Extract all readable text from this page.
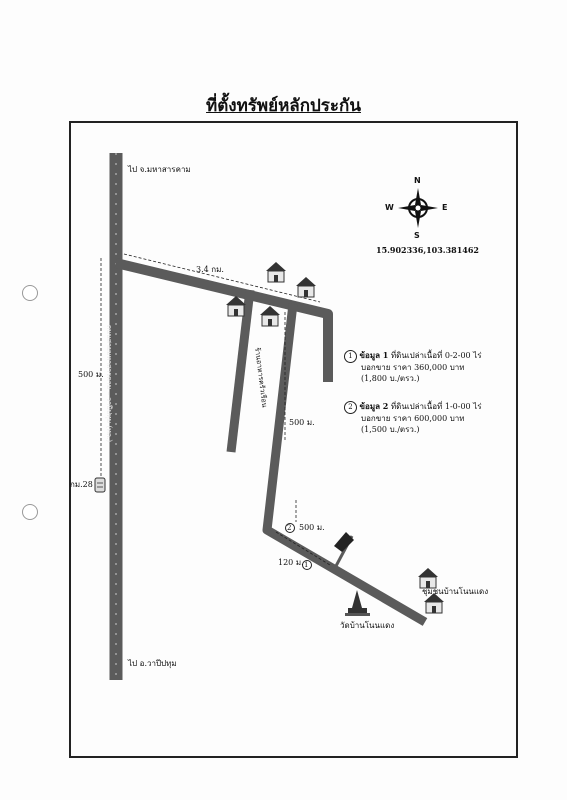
ที่ตั้งทรัพย์หลักประกัน
N
S
W	E
15.902336,103.381462
ไป จ.มหาสารคาม
ไป อ.วาปีปทุม
กม.28
500 ม.
3.4 กม.
500 ม.
500 ม.
120 ม.
วัดบ้านโนนแดง
ชุมชนบ้านโนนแดง
ร้านอาหารครัวเรือน
ถนนสายมหาสารคาม – วาปีปทุม (ทล.)	1 ข้อมูล 1 ที่ดินเปล่าเนื้อที่ 0-2-00 ไร่
บอกขาย ราคา 360,000 บาท
(1,800 บ./ตรว.)
2 ข้อมูล 2 ที่ดินเปล่าเนื้อที่ 1-0-00 ไร่
บอกขาย ราคา 600,000 บาท
(1,500 บ./ตรว.)
2
1
